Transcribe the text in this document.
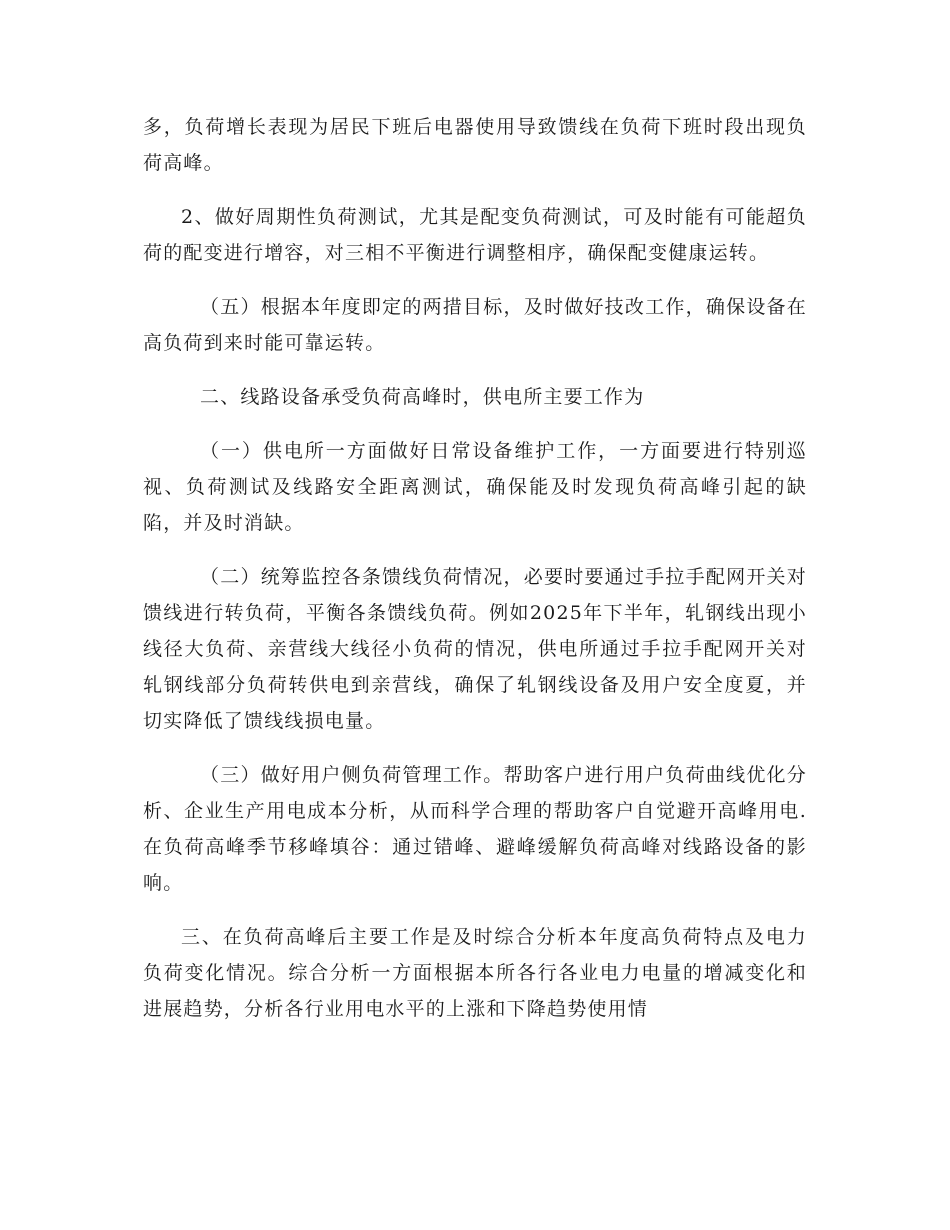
多，负荷增长表现为居民下班后电器使用导致馈线在负荷下班时段出现负荷高峰。

2、做好周期性负荷测试，尤其是配变负荷测试，可及时能有可能超负荷的配变进行增容，对三相不平衡进行调整相序，确保配变健康运转。

（五）根据本年度即定的两措目标，及时做好技改工作，确保设备在高负荷到来时能可靠运转。

二、线路设备承受负荷高峰时，供电所主要工作为

（一）供电所一方面做好日常设备维护工作，一方面要进行特别巡视、负荷测试及线路安全距离测试，确保能及时发现负荷高峰引起的缺陷，并及时消缺。

（二）统筹监控各条馈线负荷情况，必要时要通过手拉手配网开关对馈线进行转负荷，平衡各条馈线负荷。例如2025年下半年，轧钢线出现小线径大负荷、亲营线大线径小负荷的情况，供电所通过手拉手配网开关对轧钢线部分负荷转供电到亲营线，确保了轧钢线设备及用户安全度夏，并切实降低了馈线线损电量。

（三）做好用户侧负荷管理工作。帮助客户进行用户负荷曲线优化分析、企业生产用电成本分析，从而科学合理的帮助客户自觉避开高峰用电.在负荷高峰季节移峰填谷：通过错峰、避峰缓解负荷高峰对线路设备的影响。

三、在负荷高峰后主要工作是及时综合分析本年度高负荷特点及电力负荷变化情况。综合分析一方面根据本所各行各业电力电量的增减变化和进展趋势，分析各行业用电水平的上涨和下降趋势使用情
